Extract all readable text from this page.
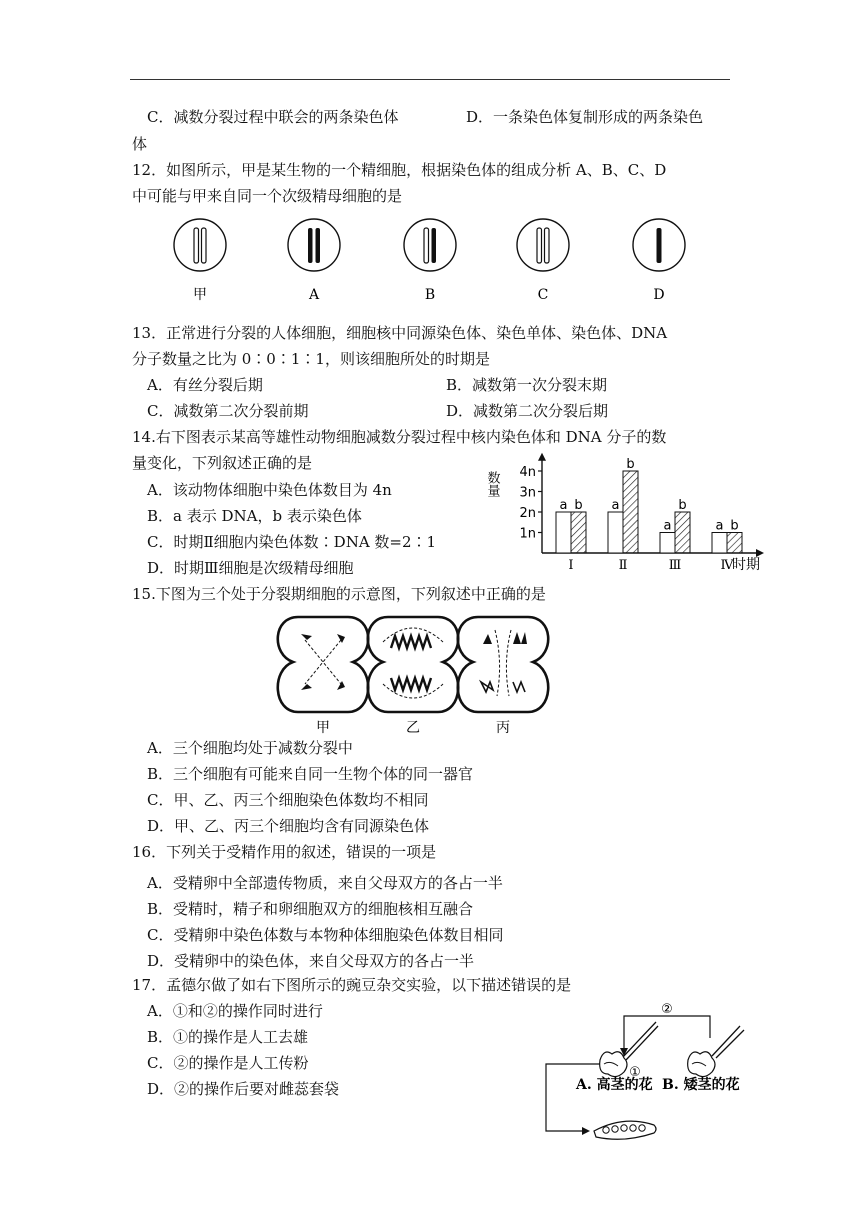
C．减数分裂过程中联会的两条染色体	D．一条染色体复制形成的两条染色
体
12．如图所示，甲是某生物的一个精细胞，根据染色体的组成分析 A、B、C、D
中可能与甲来自同一个次级精母细胞的是
甲	A	B	C	D
13．正常进行分裂的人体细胞，细胞核中同源染色体、染色单体、染色体、DNA
分子数量之比为 0∶0∶1∶1，则该细胞所处的时期是
A．有丝分裂后期	B．减数第一次分裂末期
C．减数第二次分裂前期	D．减数第二次分裂后期
14.右下图表示某高等雄性动物细胞减数分裂过程中核内染色体和 DNA 分子的数
量变化，下列叙述正确的是
A．该动物体细胞中染色体数目为 4n
B．a 表示 DNA，b 表示染色体
C．时期Ⅱ细胞内染色体数∶DNA 数=2∶1
D．时期Ⅲ细胞是次级精母细胞
数量
1n
2n
3n
4n
a b
Ⅰ
a
b
Ⅱ
a
b
Ⅲ
a b
Ⅳ
时期
15.下图为三个处于分裂期细胞的示意图，下列叙述中正确的是
甲	乙	丙
A．三个细胞均处于减数分裂中
B．三个细胞有可能来自同一生物个体的同一器官
C．甲、乙、丙三个细胞染色体数均不相同
D．甲、乙、丙三个细胞均含有同源染色体
16．下列关于受精作用的叙述，错误的一项是
A．受精卵中全部遗传物质，来自父母双方的各占一半
B．受精时，精子和卵细胞双方的细胞核相互融合
C．受精卵中染色体数与本物种体细胞染色体数目相同
D．受精卵中的染色体，来自父母双方的各占一半
17．孟德尔做了如右下图所示的豌豆杂交实验，以下描述错误的是
A．①和②的操作同时进行
B．①的操作是人工去雄
C．②的操作是人工传粉
D．②的操作后要对雌蕊套袋
②
①
A. 高茎的花 B. 矮茎的花
